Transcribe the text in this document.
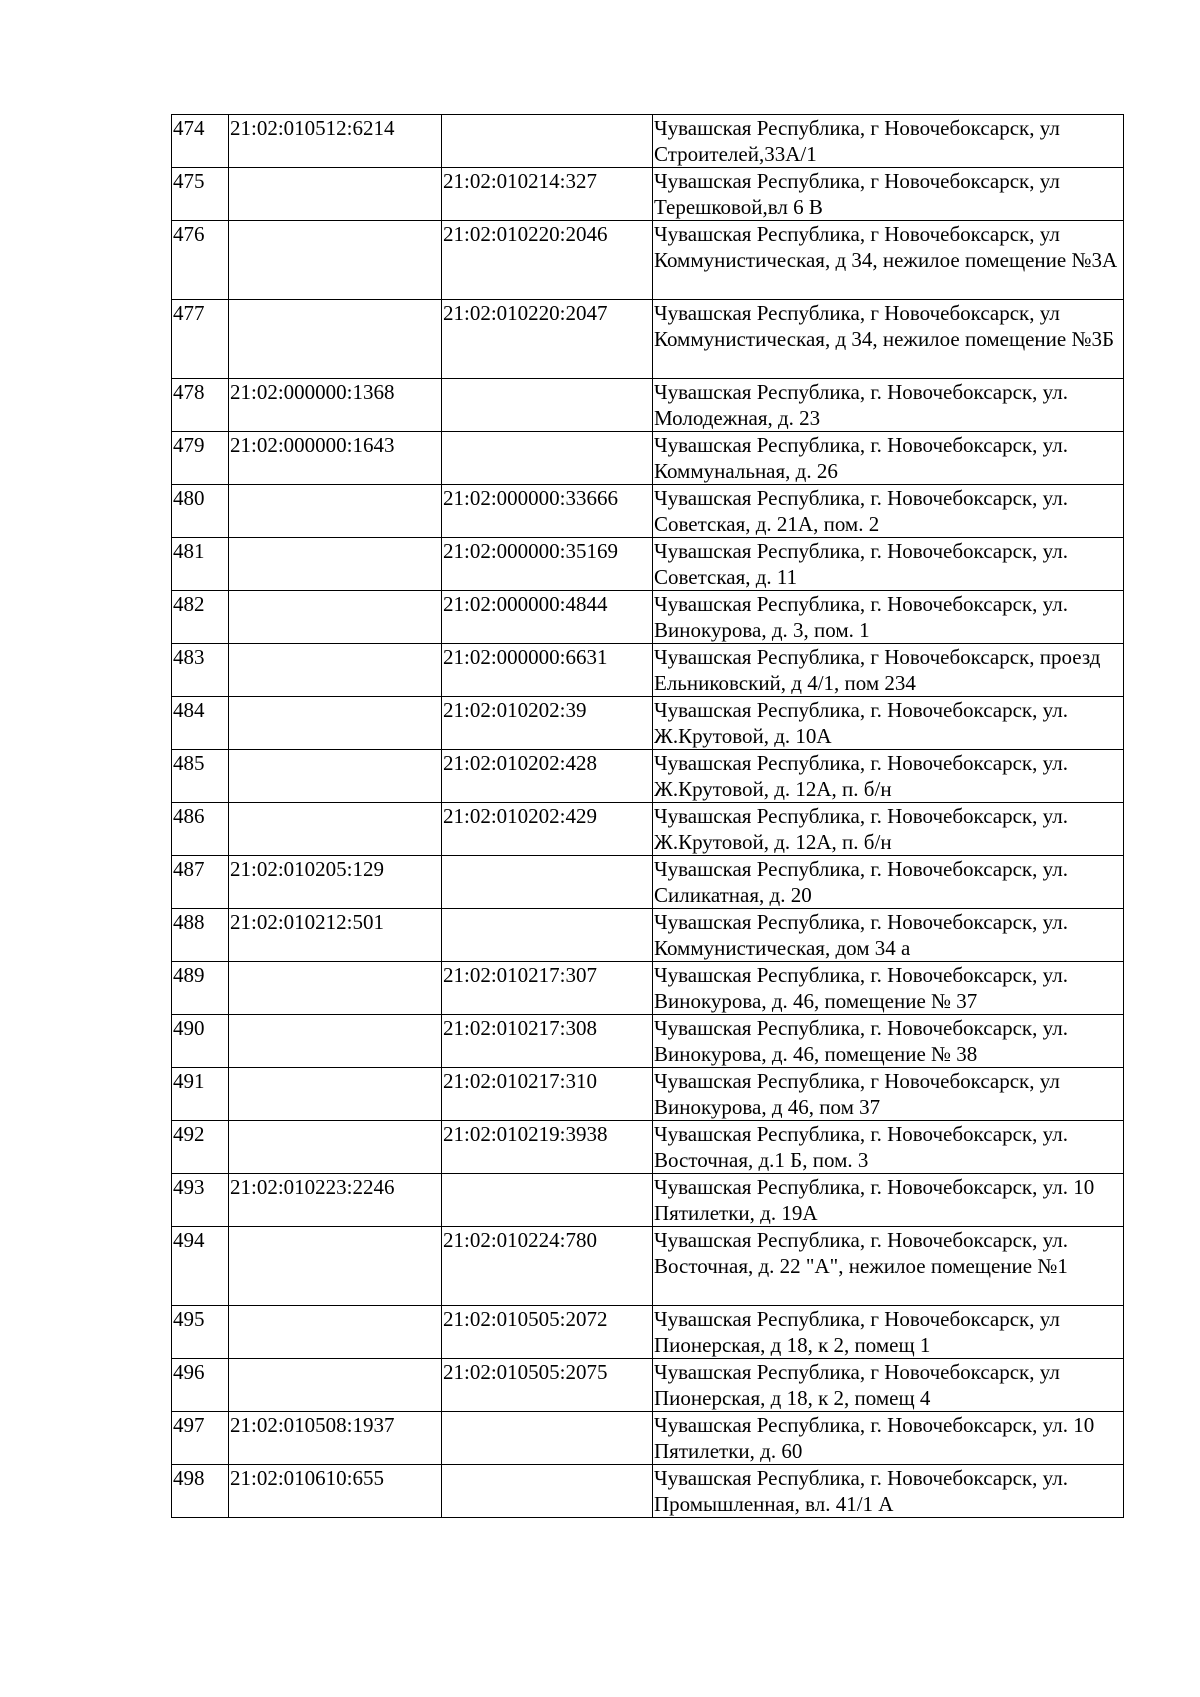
474	21:02:010512:6214		Чувашская Республика, г Новочебоксарск, ул Строителей,33А/1
475		21:02:010214:327	Чувашская Республика, г Новочебоксарск, ул Терешковой,вл 6 В
476		21:02:010220:2046	Чувашская Республика, г Новочебоксарск, ул Коммунистическая, д 34, нежилое помещение №3А
477		21:02:010220:2047	Чувашская Республика, г Новочебоксарск, ул Коммунистическая, д 34, нежилое помещение №3Б
478	21:02:000000:1368		Чувашская Республика, г. Новочебоксарск, ул. Молодежная, д. 23
479	21:02:000000:1643		Чувашская Республика, г. Новочебоксарск, ул. Коммунальная, д. 26
480		21:02:000000:33666	Чувашская Республика, г. Новочебоксарск, ул. Советская, д. 21А, пом. 2
481		21:02:000000:35169	Чувашская Республика, г. Новочебоксарск, ул. Советская, д. 11
482		21:02:000000:4844	Чувашская Республика, г. Новочебоксарск, ул. Винокурова, д. 3, пом. 1
483		21:02:000000:6631	Чувашская Республика, г Новочебоксарск, проезд Ельниковский, д 4/1, пом 234
484		21:02:010202:39	Чувашская Республика, г. Новочебоксарск, ул. Ж.Крутовой, д. 10А
485		21:02:010202:428	Чувашская Республика, г. Новочебоксарск, ул. Ж.Крутовой, д. 12А, п. б/н
486		21:02:010202:429	Чувашская Республика, г. Новочебоксарск, ул. Ж.Крутовой, д. 12А, п. б/н
487	21:02:010205:129		Чувашская Республика, г. Новочебоксарск, ул. Силикатная, д. 20
488	21:02:010212:501		Чувашская Республика, г. Новочебоксарск, ул. Коммунистическая, дом 34 а
489		21:02:010217:307	Чувашская Республика, г. Новочебоксарск, ул. Винокурова, д. 46, помещение № 37
490		21:02:010217:308	Чувашская Республика, г. Новочебоксарск, ул. Винокурова, д. 46, помещение № 38
491		21:02:010217:310	Чувашская Республика, г Новочебоксарск, ул Винокурова, д 46, пом 37
492		21:02:010219:3938	Чувашская Республика, г. Новочебоксарск, ул. Восточная, д.1 Б, пом. 3
493	21:02:010223:2246		Чувашская Республика, г. Новочебоксарск, ул. 10 Пятилетки, д. 19А
494		21:02:010224:780	Чувашская Республика, г. Новочебоксарск, ул. Восточная, д. 22 "А", нежилое помещение №1
495		21:02:010505:2072	Чувашская Республика, г Новочебоксарск, ул Пионерская, д 18, к 2, помещ 1
496		21:02:010505:2075	Чувашская Республика, г Новочебоксарск, ул Пионерская, д 18, к 2, помещ 4
497	21:02:010508:1937		Чувашская Республика, г. Новочебоксарск, ул. 10 Пятилетки, д. 60
498	21:02:010610:655		Чувашская Республика, г. Новочебоксарск, ул. Промышленная, вл. 41/1 А
